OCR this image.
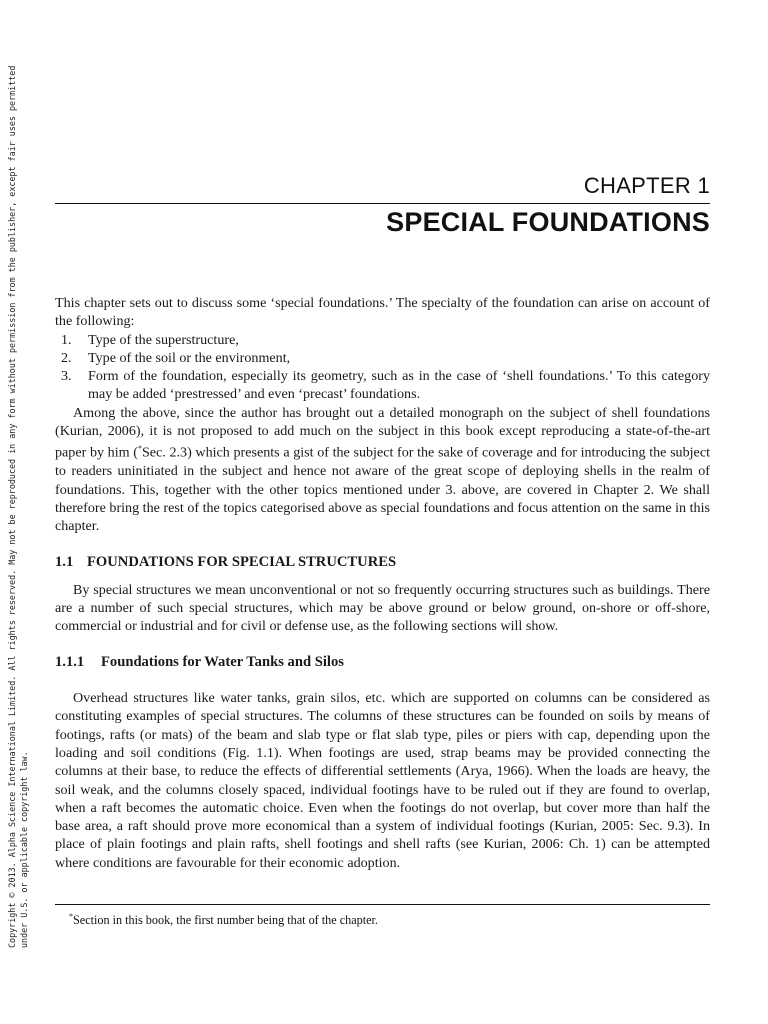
Copyright © 2013. Alpha Science International Limited. All rights reserved. May not be reproduced in any form without permission from the publisher, except fair uses permitted under U.S. or applicable copyright law.
CHAPTER 1
SPECIAL FOUNDATIONS

This chapter sets out to discuss some ‘special foundations.’ The specialty of the foundation can arise on account of the following:

1. Type of the superstructure,
2. Type of the soil or the environment,
3. Form of the foundation, especially its geometry, such as in the case of ‘shell foundations.’ To this category may be added ‘prestressed’ and even ‘precast’ foundations.

Among the above, since the author has brought out a detailed monograph on the subject of shell foundations (Kurian, 2006), it is not proposed to add much on the subject in this book except reproducing a state-of-the-art paper by him (*Sec. 2.3) which presents a gist of the subject for the sake of coverage and for introducing the subject to readers uninitiated in the subject and hence not aware of the great scope of deploying shells in the realm of foundations. This, together with the other topics mentioned under 3. above, are covered in Chapter 2. We shall therefore bring the rest of the topics categorised above as special foundations and focus attention on the same in this chapter.

1.1 FOUNDATIONS FOR SPECIAL STRUCTURES

By special structures we mean unconventional or not so frequently occurring structures such as buildings. There are a number of such special structures, which may be above ground or below ground, on-shore or off-shore, commercial or industrial and for civil or defense use, as the following sections will show.

1.1.1 Foundations for Water Tanks and Silos

Overhead structures like water tanks, grain silos, etc. which are supported on columns can be considered as constituting examples of special structures. The columns of these structures can be founded on soils by means of footings, rafts (or mats) of the beam and slab type or flat slab type, piles or piers with cap, depending upon the loading and soil conditions (Fig. 1.1). When footings are used, strap beams may be provided connecting the columns at their base, to reduce the effects of differential settlements (Arya, 1966). When the loads are heavy, the soil weak, and the columns closely spaced, individual footings have to be ruled out if they are found to overlap, when a raft becomes the automatic choice. Even when the footings do not overlap, but cover more than half the base area, a raft should prove more economical than a system of individual footings (Kurian, 2005: Sec. 9.3). In place of plain footings and plain rafts, shell footings and shell rafts (see Kurian, 2006: Ch. 1) can be attempted where conditions are favourable for their economic adoption.

*Section in this book, the first number being that of the chapter.
